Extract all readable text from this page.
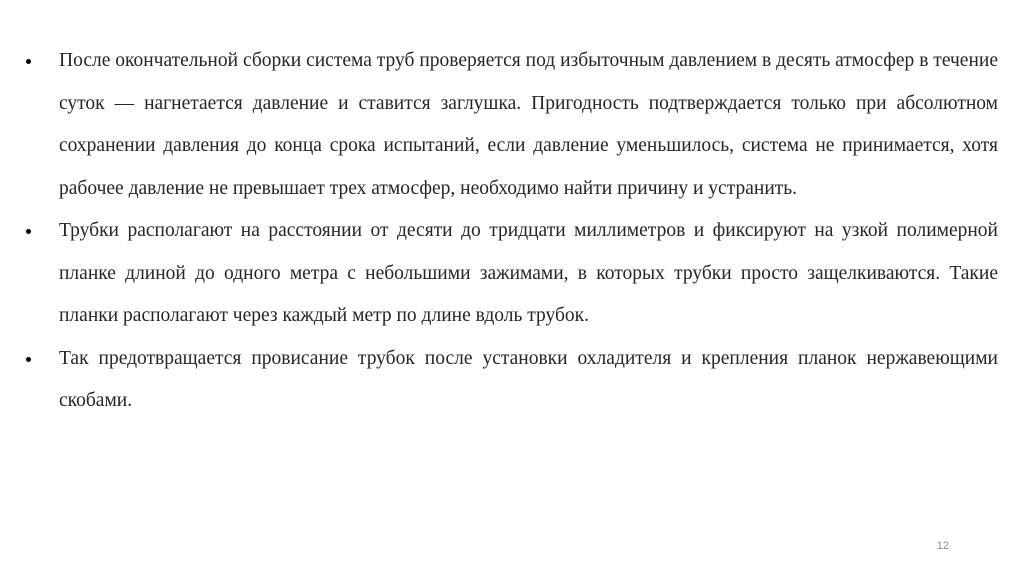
После окончательной сборки система труб проверяется под избыточным давлением в десять атмосфер в течение суток — нагнетается давление и ставится заглушка. Пригодность подтверждается только при абсолютном сохранении давления до конца срока испытаний, если давление уменьшилось, система не принимается, хотя рабочее давление не превышает трех атмосфер, необходимо найти причину и устранить.
Трубки располагают на расстоянии от десяти до тридцати миллиметров и фиксируют на узкой полимерной планке длиной до одного метра с небольшими зажимами, в которых трубки просто защелкиваются. Такие планки располагают через каждый метр по длине вдоль трубок.
Так предотвращается провисание трубок после установки охладителя и крепления планок нержавеющими скобами.
12
